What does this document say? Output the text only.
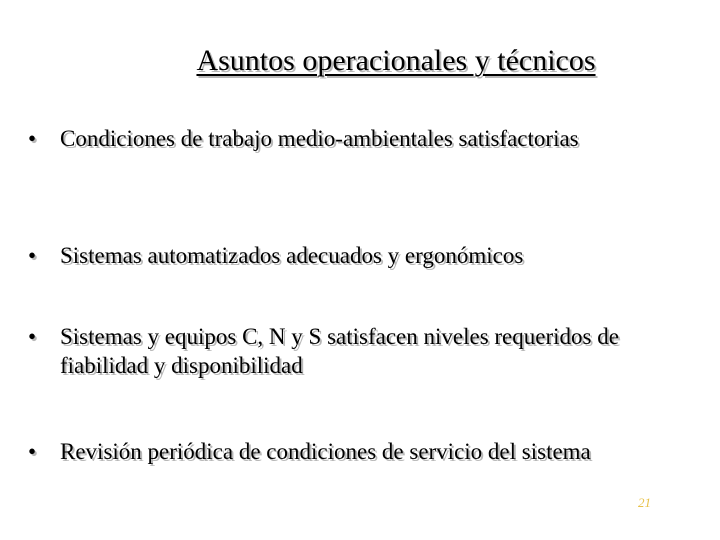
Asuntos operacionales y técnicos
•	Condiciones de trabajo medio-ambientales satisfactorias
•	Sistemas automatizados adecuados y ergonómicos
•	Sistemas y equipos C, N y S satisfacen niveles requeridos de fiabilidad y disponibilidad
•	Revisión periódica de condiciones de servicio del sistema
21
